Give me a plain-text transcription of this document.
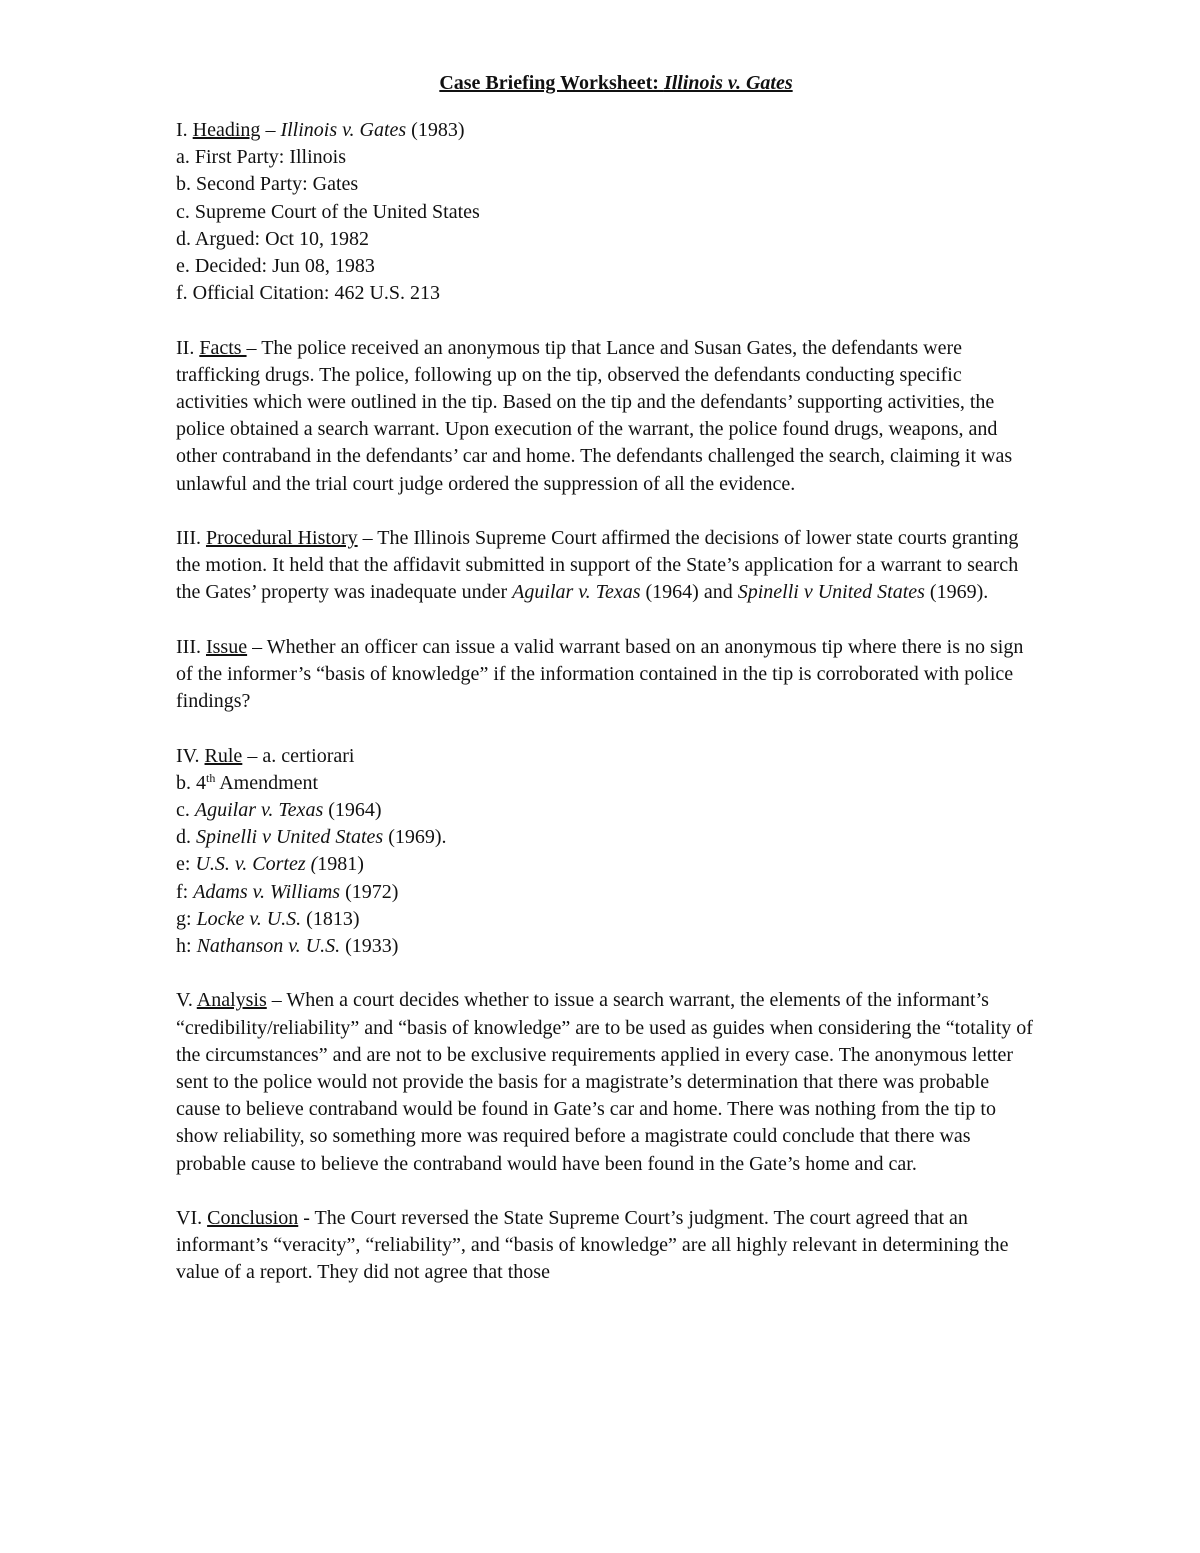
Case Briefing Worksheet: Illinois v. Gates

I. Heading – Illinois v. Gates (1983)

a. First Party: Illinois

b. Second Party: Gates

c. Supreme Court of the United States

d. Argued: Oct 10, 1982

e. Decided: Jun 08, 1983

f. Official Citation: 462 U.S. 213

II. Facts – The police received an anonymous tip that Lance and Susan Gates, the defendants were trafficking drugs. The police, following up on the tip, observed the defendants conducting specific activities which were outlined in the tip. Based on the tip and the defendants’ supporting activities, the police obtained a search warrant. Upon execution of the warrant, the police found drugs, weapons, and other contraband in the defendants’ car and home. The defendants challenged the search, claiming it was unlawful and the trial court judge ordered the suppression of all the evidence.

III. Procedural History – The Illinois Supreme Court affirmed the decisions of lower state courts granting the motion. It held that the affidavit submitted in support of the State’s application for a warrant to search the Gates’ property was inadequate under Aguilar v. Texas (1964) and Spinelli v United States (1969).

III. Issue – Whether an officer can issue a valid warrant based on an anonymous tip where there is no sign of the informer’s “basis of knowledge” if the information contained in the tip is corroborated with police findings?

IV. Rule – a. certiorari

b. 4th Amendment

c. Aguilar v. Texas (1964)

d. Spinelli v United States (1969).

e: U.S. v. Cortez (1981)

f: Adams v. Williams (1972)

g: Locke v. U.S. (1813)

h: Nathanson v. U.S. (1933)

V. Analysis – When a court decides whether to issue a search warrant, the elements of the informant’s “credibility/reliability” and “basis of knowledge” are to be used as guides when considering the “totality of the circumstances” and are not to be exclusive requirements applied in every case. The anonymous letter sent to the police would not provide the basis for a magistrate’s determination that there was probable cause to believe contraband would be found in Gate’s car and home. There was nothing from the tip to show reliability, so something more was required before a magistrate could conclude that there was probable cause to believe the contraband would have been found in the Gate’s home and car.

VI. Conclusion - The Court reversed the State Supreme Court’s judgment. The court agreed that an informant’s “veracity”, “reliability”, and “basis of knowledge” are all highly relevant in determining the value of a report. They did not agree that those
